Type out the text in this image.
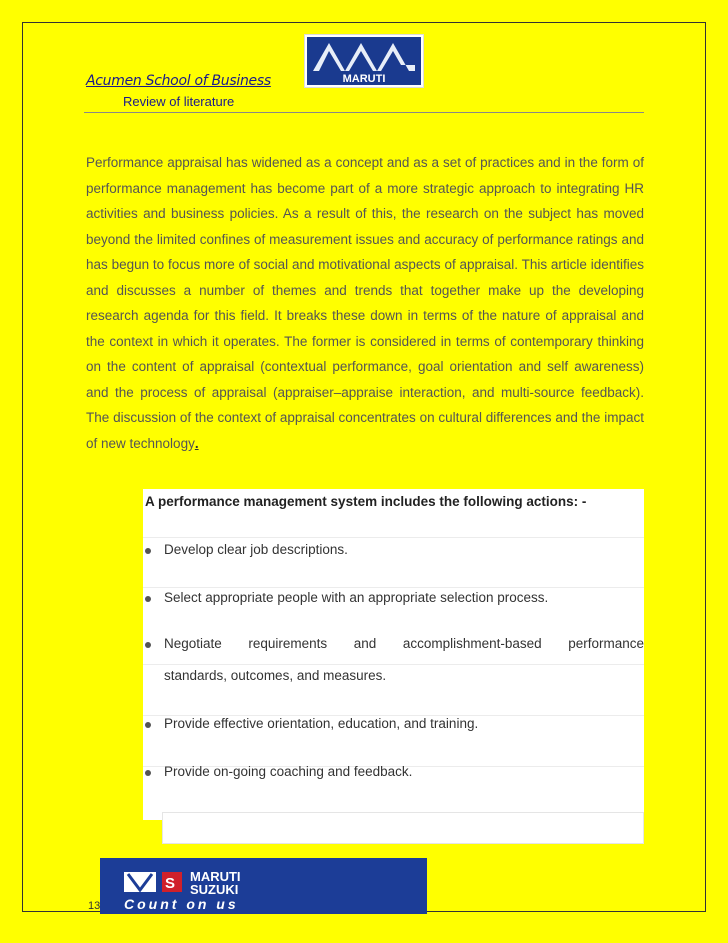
Acumen School of Business
Review of literature
MARUTI
Performance appraisal has widened as a concept and as a set of practices and in the form of performance management has become part of a more strategic approach to integrating HR activities and business policies. As a result of this, the research on the subject has moved beyond the limited confines of measurement issues and accuracy of performance ratings and has begun to focus more of social and motivational aspects of appraisal. This article identifies and discusses a number of themes and trends that together make up the developing research agenda for this field. It breaks these down in terms of the nature of appraisal and the context in which it operates. The former is considered in terms of contemporary thinking on the content of appraisal (contextual performance, goal orientation and self awareness) and the process of appraisal (appraiser–appraise interaction, and multi-source feedback). The discussion of the context of appraisal concentrates on cultural differences and the impact of new technology.
A performance management system includes the following actions: -
Develop clear job descriptions.
Select appropriate people with an appropriate selection process.
Negotiate requirements and accomplishment-based performance
standards, outcomes, and measures.
Provide effective orientation, education, and training.
Provide on-going coaching and feedback.
S MARUTI
SUZUKI
Count on us
13
